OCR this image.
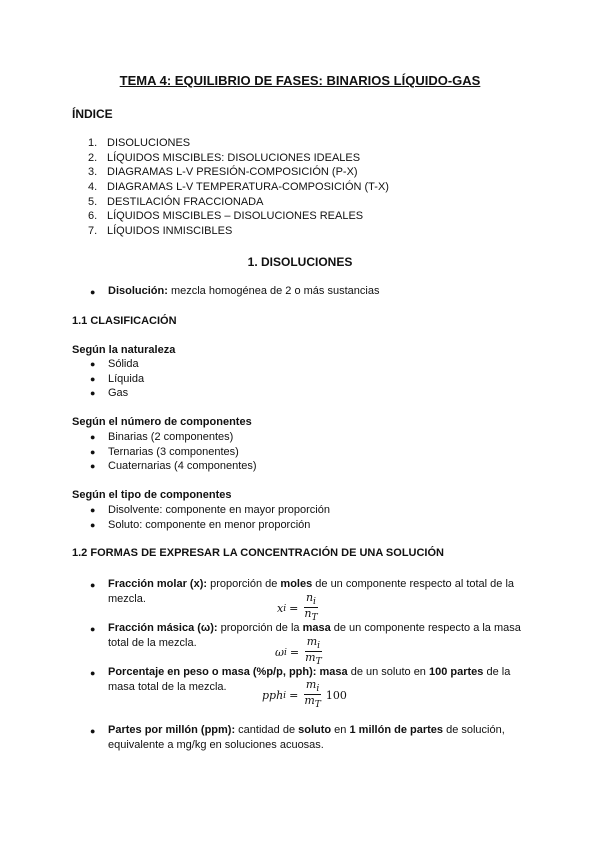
TEMA 4: EQUILIBRIO DE FASES: BINARIOS LÍQUIDO-GAS
ÍNDICE
1. DISOLUCIONES
2. LÍQUIDOS MISCIBLES: DISOLUCIONES IDEALES
3. DIAGRAMAS L-V PRESIÓN-COMPOSICIÓN (P-X)
4. DIAGRAMAS L-V TEMPERATURA-COMPOSICIÓN (T-X)
5. DESTILACIÓN FRACCIONADA
6. LÍQUIDOS MISCIBLES – DISOLUCIONES REALES
7. LÍQUIDOS INMISCIBLES
1. DISOLUCIONES
● Disolución: mezcla homogénea de 2 o más sustancias
1.1 CLASIFICACIÓN
Según la naturaleza
● Sólida
● Líquida
● Gas
Según el número de componentes
● Binarias (2 componentes)
● Ternarias (3 componentes)
● Cuaternarias (4 componentes)
Según el tipo de componentes
● Disolvente: componente en mayor proporción
● Soluto: componente en menor proporción
1.2 FORMAS DE EXPRESAR LA CONCENTRACIÓN DE UNA SOLUCIÓN
● Fracción molar (x): proporción de moles de un componente respecto al total de la mezcla.
x $i = \frac{n_i}{n_T}$
● Fracción másica (ω): proporción de la masa de un componente respecto a la masa total de la mezcla.
ω $i = \frac{m_i}{m_T}$
● Porcentaje en peso o masa (%p/p, pph): masa de un soluto en 100 partes de la masa total de la mezcla.
pph $i = \frac{m_i}{m_T} 100$
● Partes por millón (ppm): cantidad de soluto en 1 millón de partes de solución, equivalente a mg/kg en soluciones acuosas.
